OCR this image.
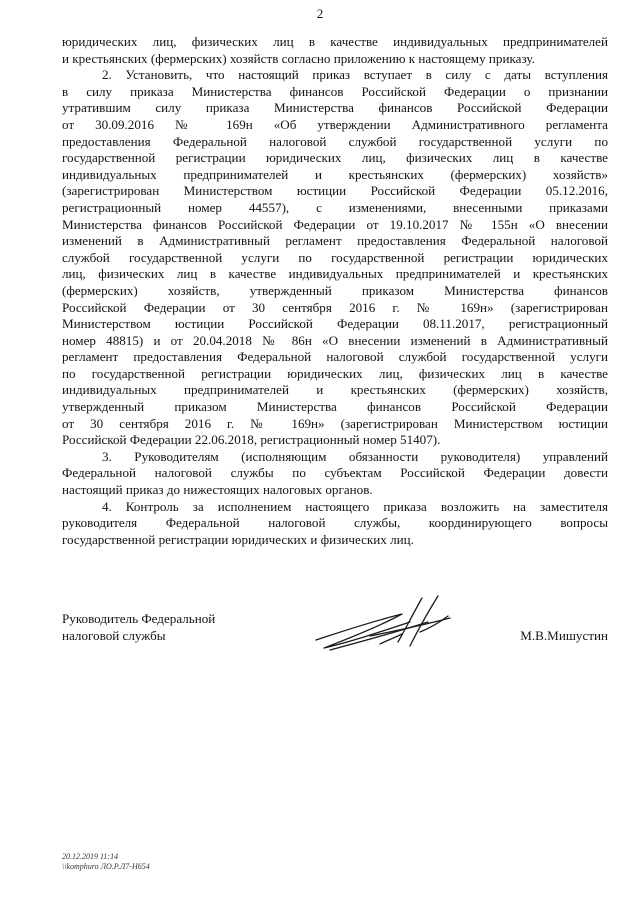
2
юридических лиц, физических лиц в качестве индивидуальных предпринимателей
и крестьянских (фермерских) хозяйств согласно приложению к настоящему приказу.
2. Установить, что настоящий приказ вступает в силу с даты вступления
в силу приказа Министерства финансов Российской Федерации о признании
утратившим силу приказа Министерства финансов Российской Федерации
от 30.09.2016 № 169н «Об утверждении Административного регламента
предоставления Федеральной налоговой службой государственной услуги по
государственной регистрации юридических лиц, физических лиц в качестве
индивидуальных предпринимателей и крестьянских (фермерских) хозяйств»
(зарегистрирован Министерством юстиции Российской Федерации 05.12.2016,
регистрационный номер 44557), с изменениями, внесенными приказами
Министерства финансов Российской Федерации от 19.10.2017 № 155н «О внесении
изменений в Административный регламент предоставления Федеральной налоговой
службой государственной услуги по государственной регистрации юридических
лиц, физических лиц в качестве индивидуальных предпринимателей и крестьянских
(фермерских) хозяйств, утвержденный приказом Министерства финансов
Российской Федерации от 30 сентября 2016 г. № 169н» (зарегистрирован
Министерством юстиции Российской Федерации 08.11.2017, регистрационный
номер 48815) и от 20.04.2018 № 86н «О внесении изменений в Административный
регламент предоставления Федеральной налоговой службой государственной услуги
по государственной регистрации юридических лиц, физических лиц в качестве
индивидуальных предпринимателей и крестьянских (фермерских) хозяйств,
утвержденный приказом Министерства финансов Российской Федерации
от 30 сентября 2016 г. № 169н» (зарегистрирован Министерством юстиции
Российской Федерации 22.06.2018, регистрационный номер 51407).
3. Руководителям (исполняющим обязанности руководителя) управлений
Федеральной налоговой службы по субъектам Российской Федерации довести
настоящий приказ до нижестоящих налоговых органов.
4. Контроль за исполнением настоящего приказа возложить на заместителя
руководителя Федеральной налоговой службы, координирующего вопросы
государственной регистрации юридических и физических лиц.
Руководитель Федеральной
налоговой службы	М.В.Мишустин
20.12.2019 11:14
\\komphuro ЛО.Р.Л7-Н654
